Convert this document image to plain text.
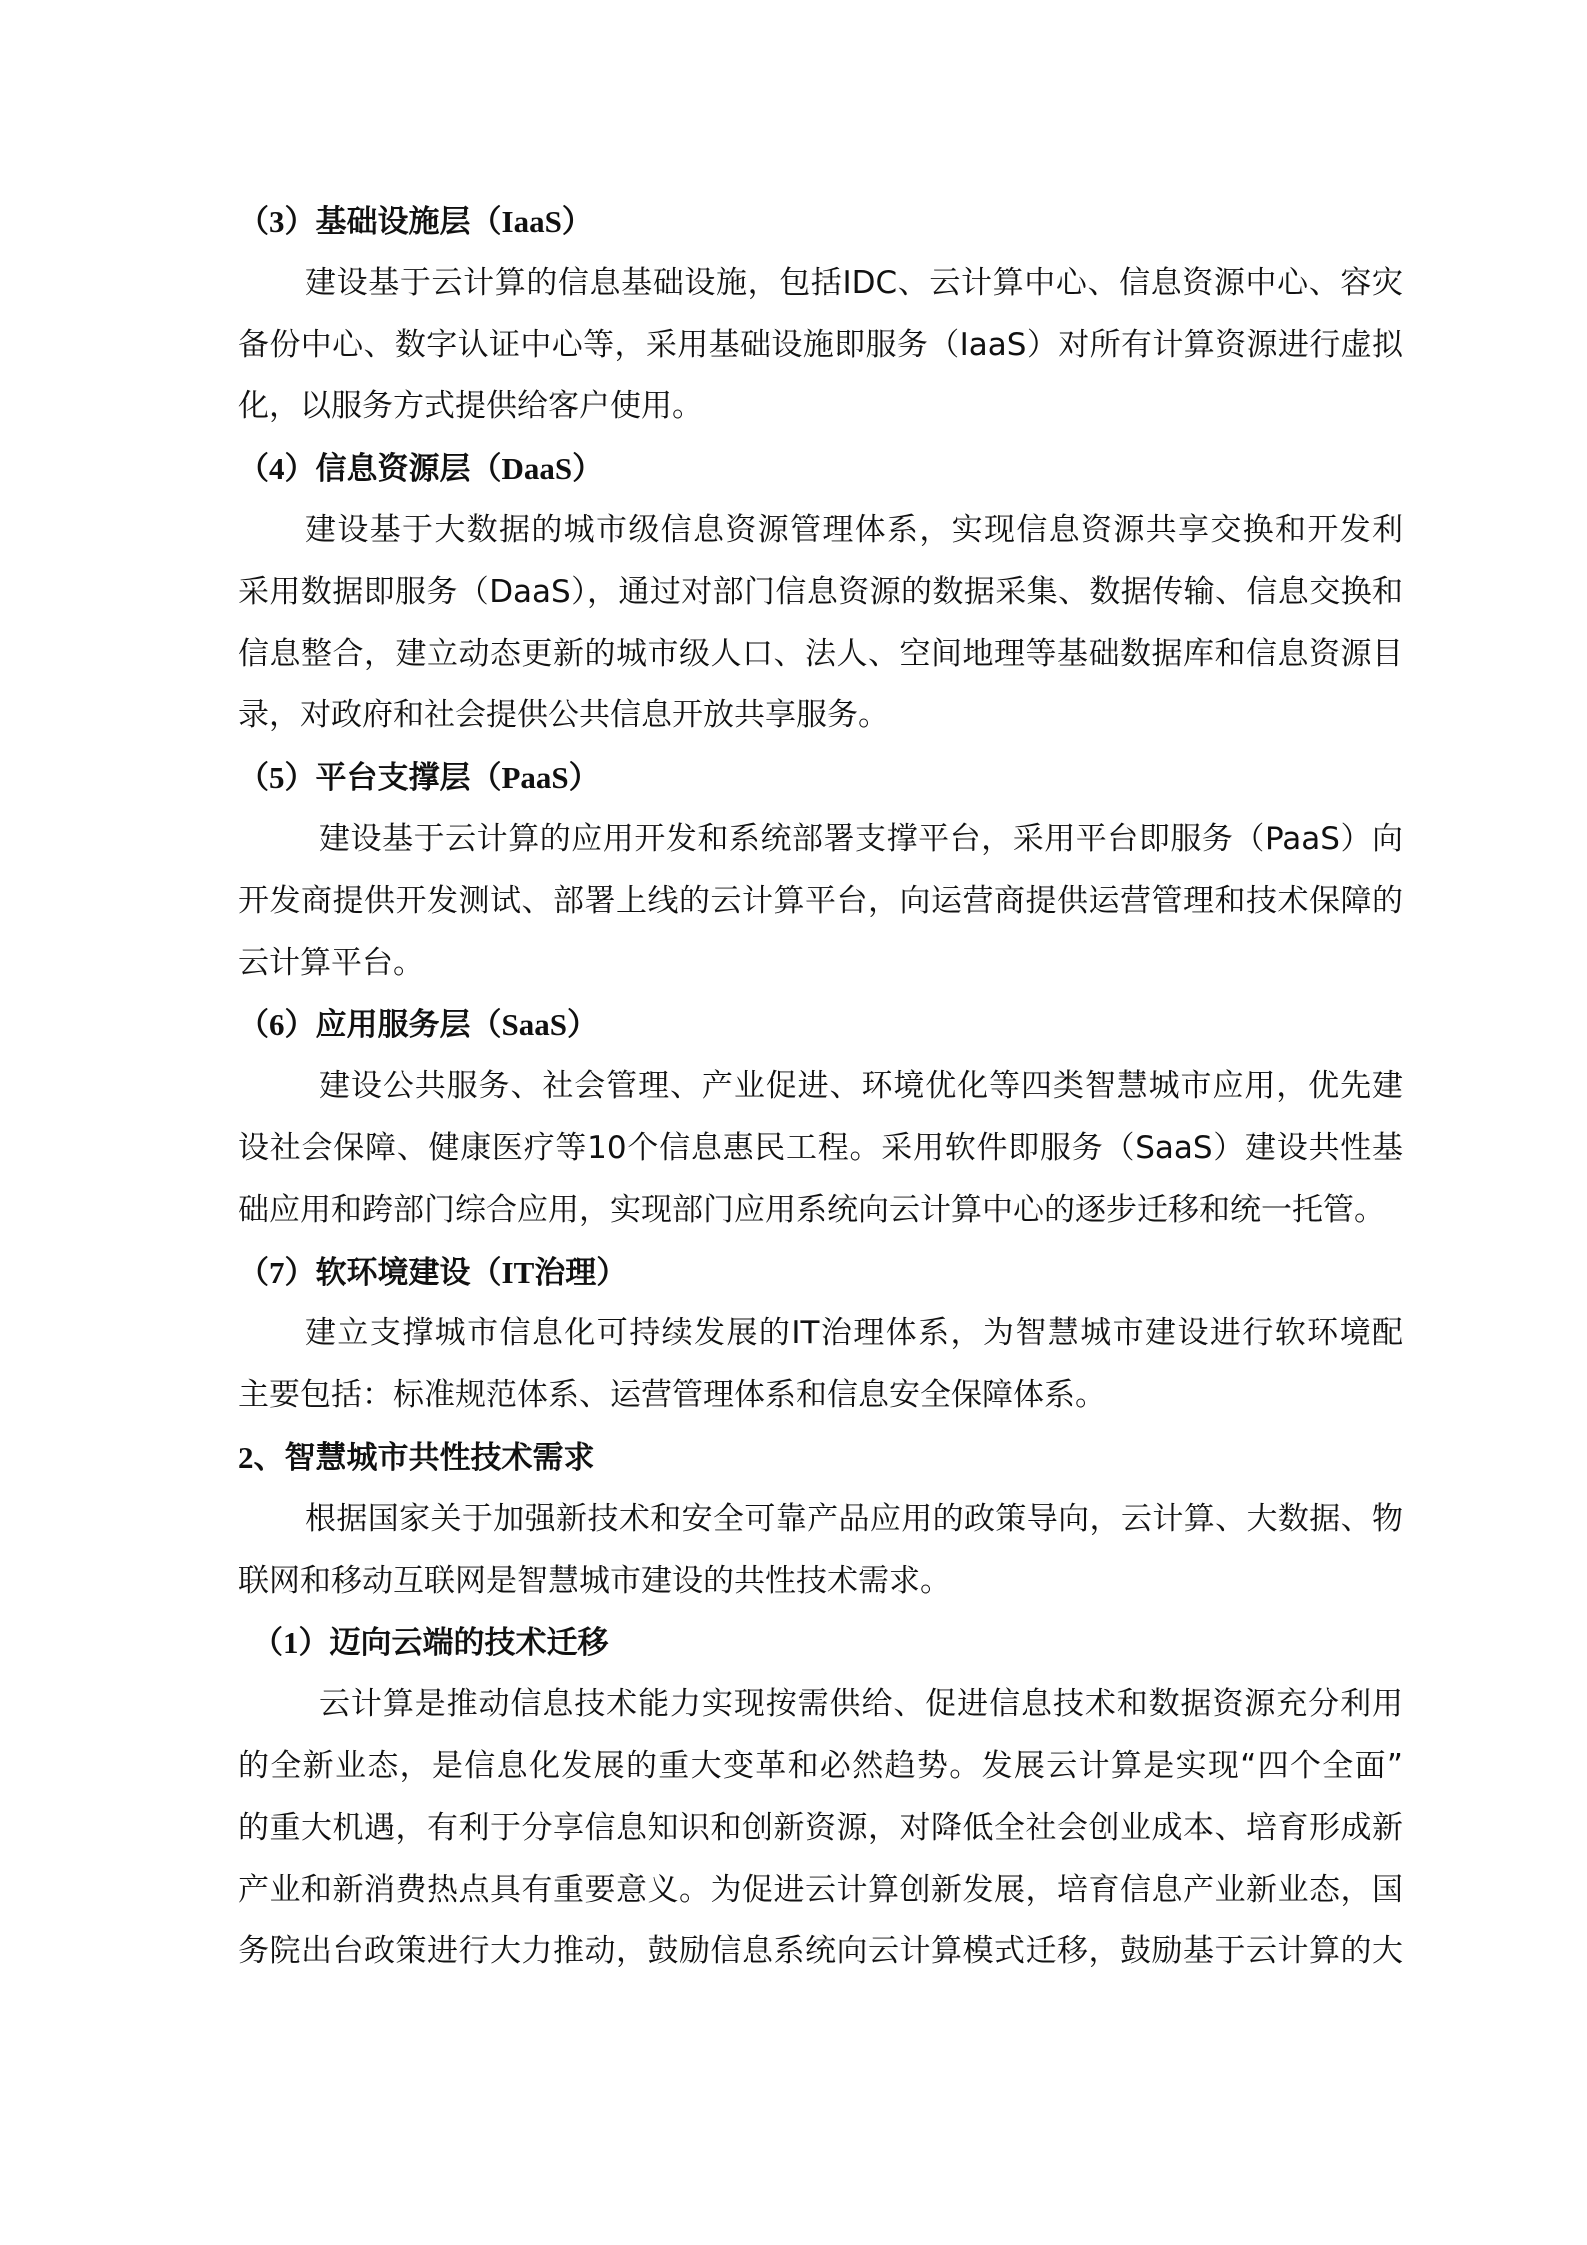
（3）基础设施层（IaaS）
建设基于云计算的信息基础设施，包括IDC、云计算中心、信息资源中心、容灾
备份中心、数字认证中心等，采用基础设施即服务（IaaS）对所有计算资源进行虚拟
化，以服务方式提供给客户使用。
（4）信息资源层（DaaS）
建设基于大数据的城市级信息资源管理体系，实现信息资源共享交换和开发利
采用数据即服务（DaaS），通过对部门信息资源的数据采集、数据传输、信息交换和
信息整合，建立动态更新的城市级人口、法人、空间地理等基础数据库和信息资源目
录，对政府和社会提供公共信息开放共享服务。
（5）平台支撑层（PaaS）
建设基于云计算的应用开发和系统部署支撑平台，采用平台即服务（PaaS）向
开发商提供开发测试、部署上线的云计算平台，向运营商提供运营管理和技术保障的
云计算平台。
（6）应用服务层（SaaS）
建设公共服务、社会管理、产业促进、环境优化等四类智慧城市应用，优先建
设社会保障、健康医疗等10个信息惠民工程。采用软件即服务（SaaS）建设共性基
础应用和跨部门综合应用，实现部门应用系统向云计算中心的逐步迁移和统一托管。
（7）软环境建设（IT治理）
建立支撑城市信息化可持续发展的IT治理体系，为智慧城市建设进行软环境配
主要包括：标准规范体系、运营管理体系和信息安全保障体系。
2、智慧城市共性技术需求
根据国家关于加强新技术和安全可靠产品应用的政策导向，云计算、大数据、物
联网和移动互联网是智慧城市建设的共性技术需求。
（1）迈向云端的技术迁移
云计算是推动信息技术能力实现按需供给、促进信息技术和数据资源充分利用
的全新业态，是信息化发展的重大变革和必然趋势。发展云计算是实现“四个全面”
的重大机遇，有利于分享信息知识和创新资源，对降低全社会创业成本、培育形成新
产业和新消费热点具有重要意义。为促进云计算创新发展，培育信息产业新业态，国
务院出台政策进行大力推动，鼓励信息系统向云计算模式迁移，鼓励基于云计算的大
